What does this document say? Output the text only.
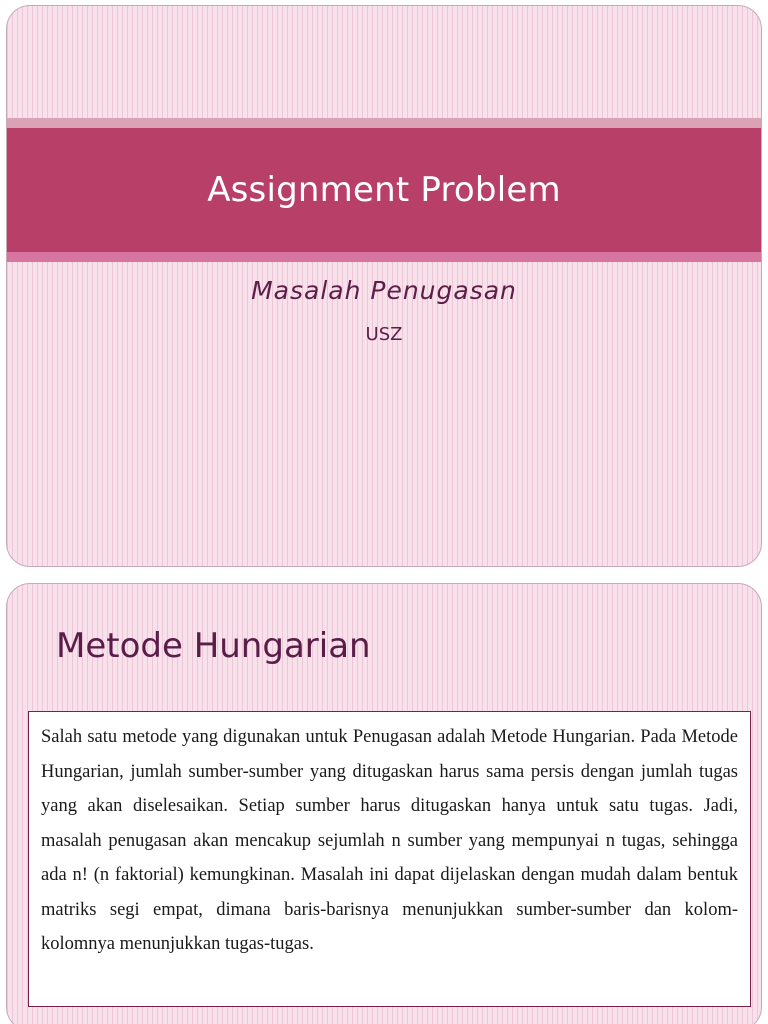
Assignment Problem
Masalah Penugasan
USZ
Metode Hungarian

Salah satu metode yang digunakan untuk Penugasan adalah Metode Hungarian. Pada Metode Hungarian, jumlah sumber-sumber yang ditugaskan harus sama persis dengan jumlah tugas yang akan diselesaikan. Setiap sumber harus ditugaskan hanya untuk satu tugas. Jadi, masalah penugasan akan mencakup sejumlah n sumber yang mempunyai n tugas, sehingga ada n! (n faktorial) kemungkinan. Masalah ini dapat dijelaskan dengan mudah dalam bentuk matriks segi empat, dimana baris-barisnya menunjukkan sumber-sumber dan kolom-kolomnya menunjukkan tugas-tugas.
